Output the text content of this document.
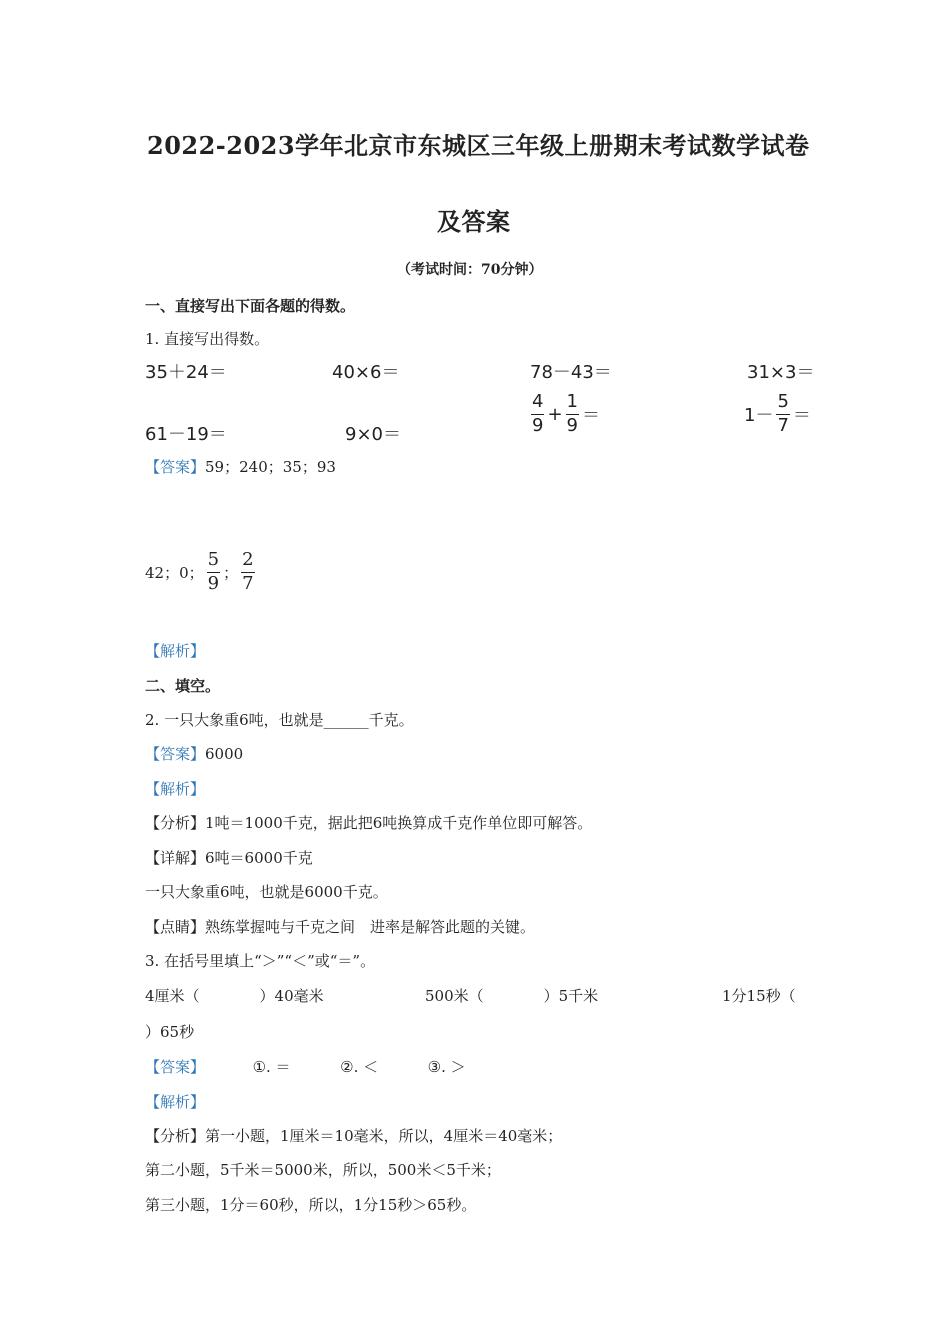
2022-2023学年北京市东城区三年级上册期末考试数学试卷
及答案
（考试时间：70分钟）
一、直接写出下面各题的得数。
1. 直接写出得数。
35＋24＝	40×6＝	78－43＝	31×3＝
61－19＝	9×0＝	$\frac{4}{9} + \frac{1}{9}$ ＝	$1- \frac{5}{7}$ ＝
【答案】59；240；35；93
42；0； $\frac{5}{9}$ ； $\frac{2}{7}$
【解析】
二、填空。
2. 一只大象重6吨，也就是______千克。
【答案】6000
【解析】
【分析】1吨＝1000千克，据此把6吨换算成千克作单位即可解答。
【详解】6吨＝6000千克
一只大象重6吨，也就是6000千克。
【点睛】熟练掌握吨与千克之间　进率是解答此题的关键。
3. 在括号里填上“＞”“＜”或“＝”。
4厘米（　　　　）40毫米	500米（　　　　）5千米	1分15秒（
）65秒
【答案】	①. ＝	②. ＜	③. ＞
【解析】
【分析】第一小题，1厘米＝10毫米，所以，4厘米＝40毫米；
第二小题，5千米＝5000米，所以，500米＜5千米；
第三小题，1分＝60秒，所以，1分15秒＞65秒。
